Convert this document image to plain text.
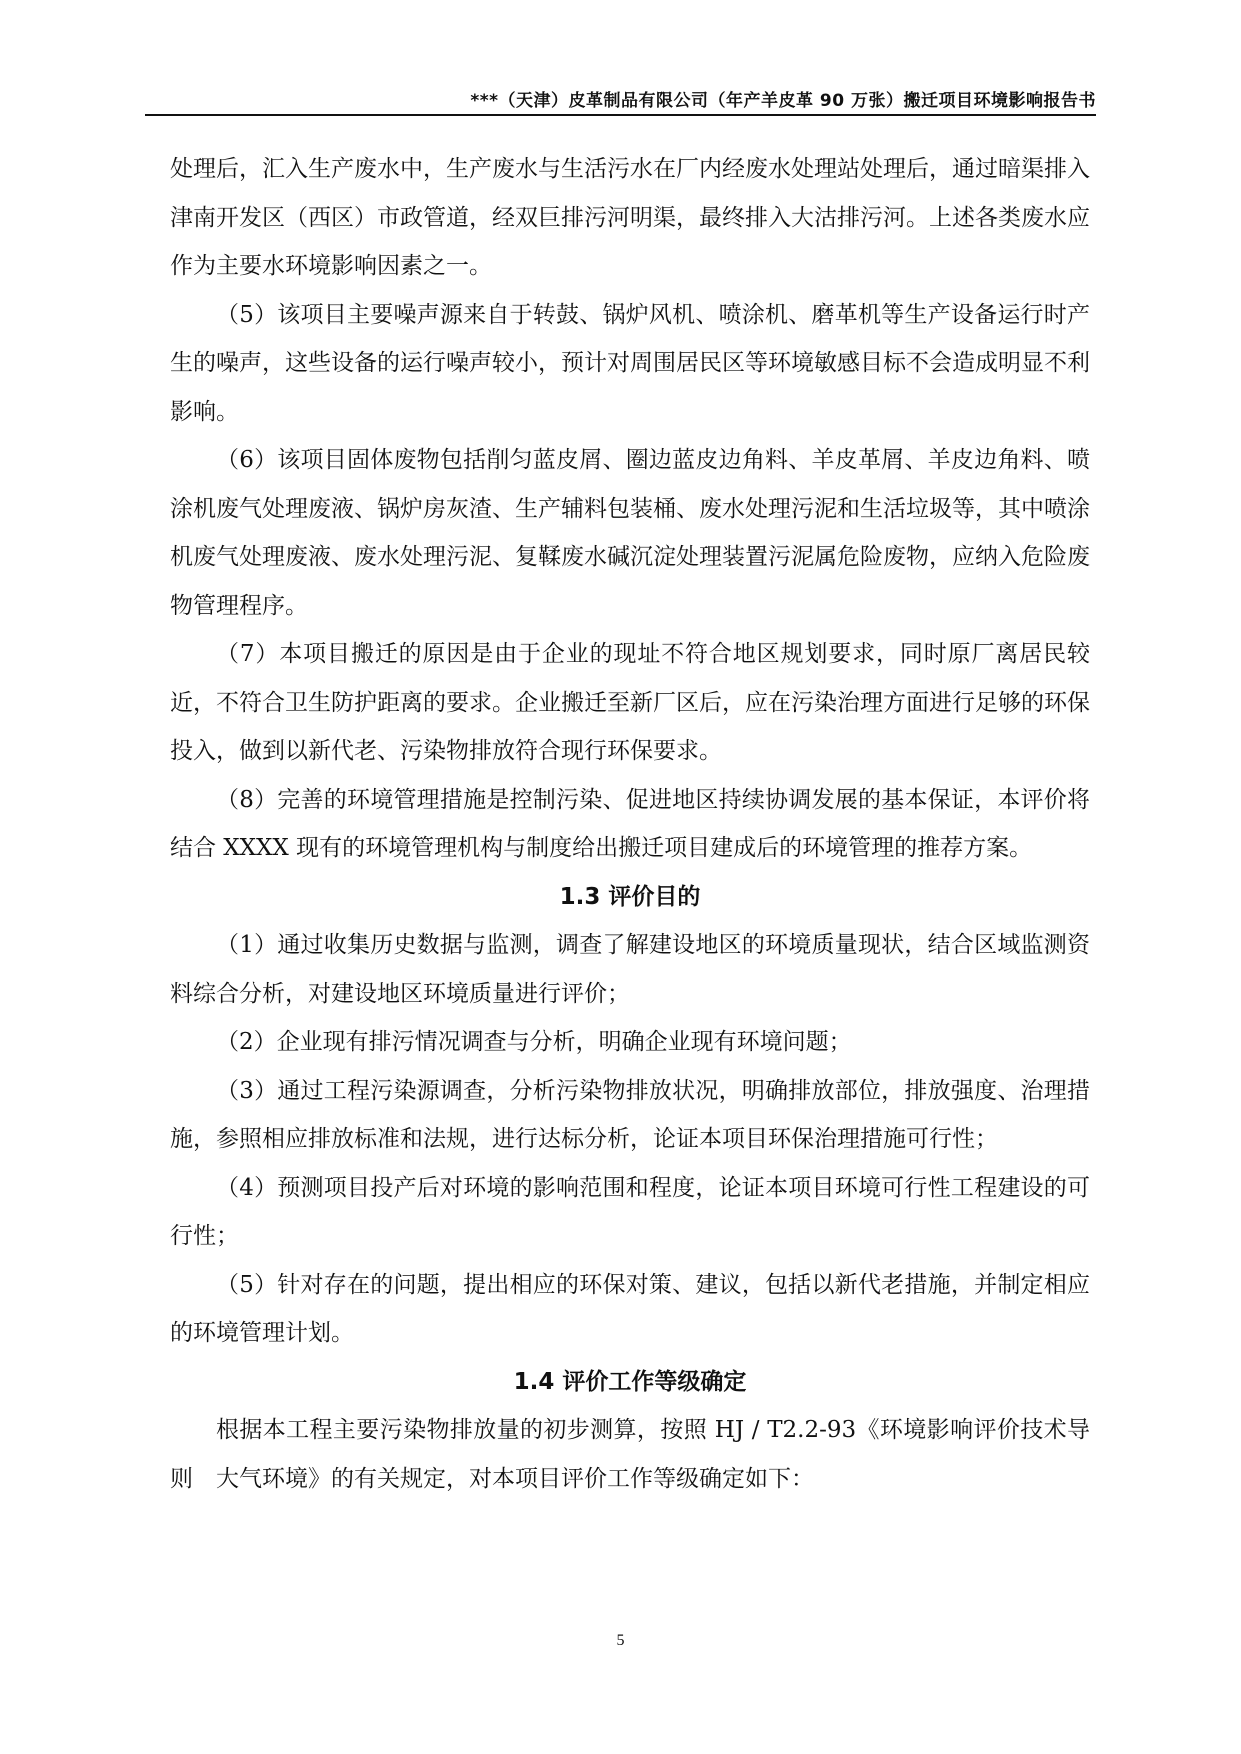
***（天津）皮革制品有限公司（年产羊皮革 90 万张）搬迁项目环境影响报告书

处理后，汇入生产废水中，生产废水与生活污水在厂内经废水处理站处理后，通过暗渠排入津南开发区（西区）市政管道，经双巨排污河明渠，最终排入大沽排污河。上述各类废水应作为主要水环境影响因素之一。

（5）该项目主要噪声源来自于转鼓、锅炉风机、喷涂机、磨革机等生产设备运行时产生的噪声，这些设备的运行噪声较小，预计对周围居民区等环境敏感目标不会造成明显不利影响。

（6）该项目固体废物包括削匀蓝皮屑、圈边蓝皮边角料、羊皮革屑、羊皮边角料、喷涂机废气处理废液、锅炉房灰渣、生产辅料包装桶、废水处理污泥和生活垃圾等，其中喷涂机废气处理废液、废水处理污泥、复鞣废水碱沉淀处理装置污泥属危险废物，应纳入危险废物管理程序。

（7）本项目搬迁的原因是由于企业的现址不符合地区规划要求，同时原厂离居民较近，不符合卫生防护距离的要求。企业搬迁至新厂区后，应在污染治理方面进行足够的环保投入，做到以新代老、污染物排放符合现行环保要求。

（8）完善的环境管理措施是控制污染、促进地区持续协调发展的基本保证，本评价将结合 XXXX 现有的环境管理机构与制度给出搬迁项目建成后的环境管理的推荐方案。

1.3 评价目的

（1）通过收集历史数据与监测，调查了解建设地区的环境质量现状，结合区域监测资料综合分析，对建设地区环境质量进行评价；

（2）企业现有排污情况调查与分析，明确企业现有环境问题；

（3）通过工程污染源调查，分析污染物排放状况，明确排放部位，排放强度、治理措施，参照相应排放标准和法规，进行达标分析，论证本项目环保治理措施可行性；

（4）预测项目投产后对环境的影响范围和程度，论证本项目环境可行性工程建设的可行性；

（5）针对存在的问题，提出相应的环保对策、建议，包括以新代老措施，并制定相应的环境管理计划。

1.4 评价工作等级确定

根据本工程主要污染物排放量的初步测算，按照 HJ / T2.2-93《环境影响评价技术导则　大气环境》的有关规定，对本项目评价工作等级确定如下：

5
